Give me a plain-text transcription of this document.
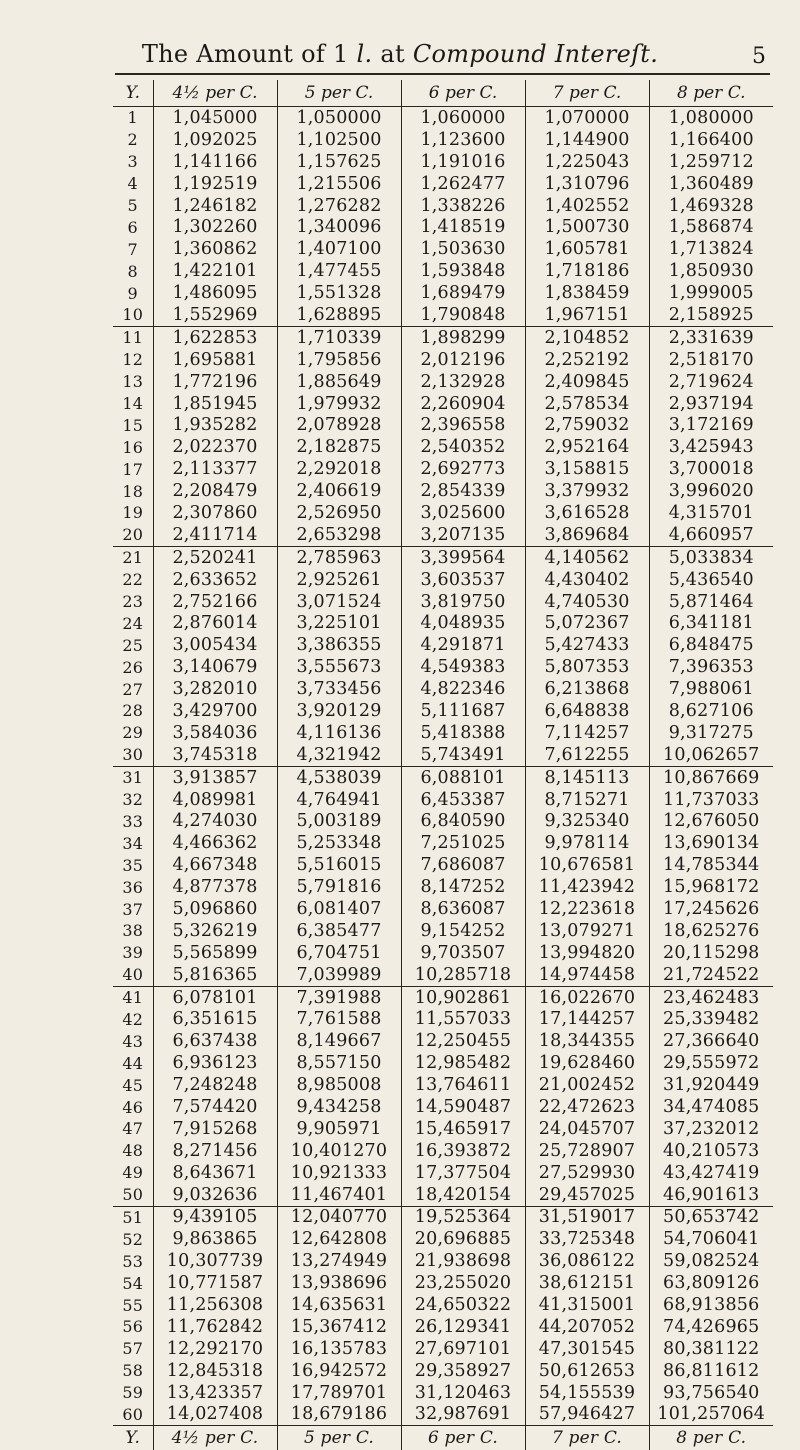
The Amount of 1 l. at Compound Intereſt.	5
Y.	4½ per C.	5 per C.	6 per C.	7 per C.	8 per C.
1	1,045000	1,050000	1,060000	1,070000	1,080000
2	1,092025	1,102500	1,123600	1,144900	1,166400
3	1,141166	1,157625	1,191016	1,225043	1,259712
4	1,192519	1,215506	1,262477	1,310796	1,360489
5	1,246182	1,276282	1,338226	1,402552	1,469328
6	1,302260	1,340096	1,418519	1,500730	1,586874
7	1,360862	1,407100	1,503630	1,605781	1,713824
8	1,422101	1,477455	1,593848	1,718186	1,850930
9	1,486095	1,551328	1,689479	1,838459	1,999005
10	1,552969	1,628895	1,790848	1,967151	2,158925
11	1,622853	1,710339	1,898299	2,104852	2,331639
12	1,695881	1,795856	2,012196	2,252192	2,518170
13	1,772196	1,885649	2,132928	2,409845	2,719624
14	1,851945	1,979932	2,260904	2,578534	2,937194
15	1,935282	2,078928	2,396558	2,759032	3,172169
16	2,022370	2,182875	2,540352	2,952164	3,425943
17	2,113377	2,292018	2,692773	3,158815	3,700018
18	2,208479	2,406619	2,854339	3,379932	3,996020
19	2,307860	2,526950	3,025600	3,616528	4,315701
20	2,411714	2,653298	3,207135	3,869684	4,660957
21	2,520241	2,785963	3,399564	4,140562	5,033834
22	2,633652	2,925261	3,603537	4,430402	5,436540
23	2,752166	3,071524	3,819750	4,740530	5,871464
24	2,876014	3,225101	4,048935	5,072367	6,341181
25	3,005434	3,386355	4,291871	5,427433	6,848475
26	3,140679	3,555673	4,549383	5,807353	7,396353
27	3,282010	3,733456	4,822346	6,213868	7,988061
28	3,429700	3,920129	5,111687	6,648838	8,627106
29	3,584036	4,116136	5,418388	7,114257	9,317275
30	3,745318	4,321942	5,743491	7,612255	10,062657
31	3,913857	4,538039	6,088101	8,145113	10,867669
32	4,089981	4,764941	6,453387	8,715271	11,737033
33	4,274030	5,003189	6,840590	9,325340	12,676050
34	4,466362	5,253348	7,251025	9,978114	13,690134
35	4,667348	5,516015	7,686087	10,676581	14,785344
36	4,877378	5,791816	8,147252	11,423942	15,968172
37	5,096860	6,081407	8,636087	12,223618	17,245626
38	5,326219	6,385477	9,154252	13,079271	18,625276
39	5,565899	6,704751	9,703507	13,994820	20,115298
40	5,816365	7,039989	10,285718	14,974458	21,724522
41	6,078101	7,391988	10,902861	16,022670	23,462483
42	6,351615	7,761588	11,557033	17,144257	25,339482
43	6,637438	8,149667	12,250455	18,344355	27,366640
44	6,936123	8,557150	12,985482	19,628460	29,555972
45	7,248248	8,985008	13,764611	21,002452	31,920449
46	7,574420	9,434258	14,590487	22,472623	34,474085
47	7,915268	9,905971	15,465917	24,045707	37,232012
48	8,271456	10,401270	16,393872	25,728907	40,210573
49	8,643671	10,921333	17,377504	27,529930	43,427419
50	9,032636	11,467401	18,420154	29,457025	46,901613
51	9,439105	12,040770	19,525364	31,519017	50,653742
52	9,863865	12,642808	20,696885	33,725348	54,706041
53	10,307739	13,274949	21,938698	36,086122	59,082524
54	10,771587	13,938696	23,255020	38,612151	63,809126
55	11,256308	14,635631	24,650322	41,315001	68,913856
56	11,762842	15,367412	26,129341	44,207052	74,426965
57	12,292170	16,135783	27,697101	47,301545	80,381122
58	12,845318	16,942572	29,358927	50,612653	86,811612
59	13,423357	17,789701	31,120463	54,155539	93,756540
60	14,027408	18,679186	32,987691	57,946427	101,257064
Y.	4½ per C.	5 per C.	6 per C.	7 per C.	8 per C.
